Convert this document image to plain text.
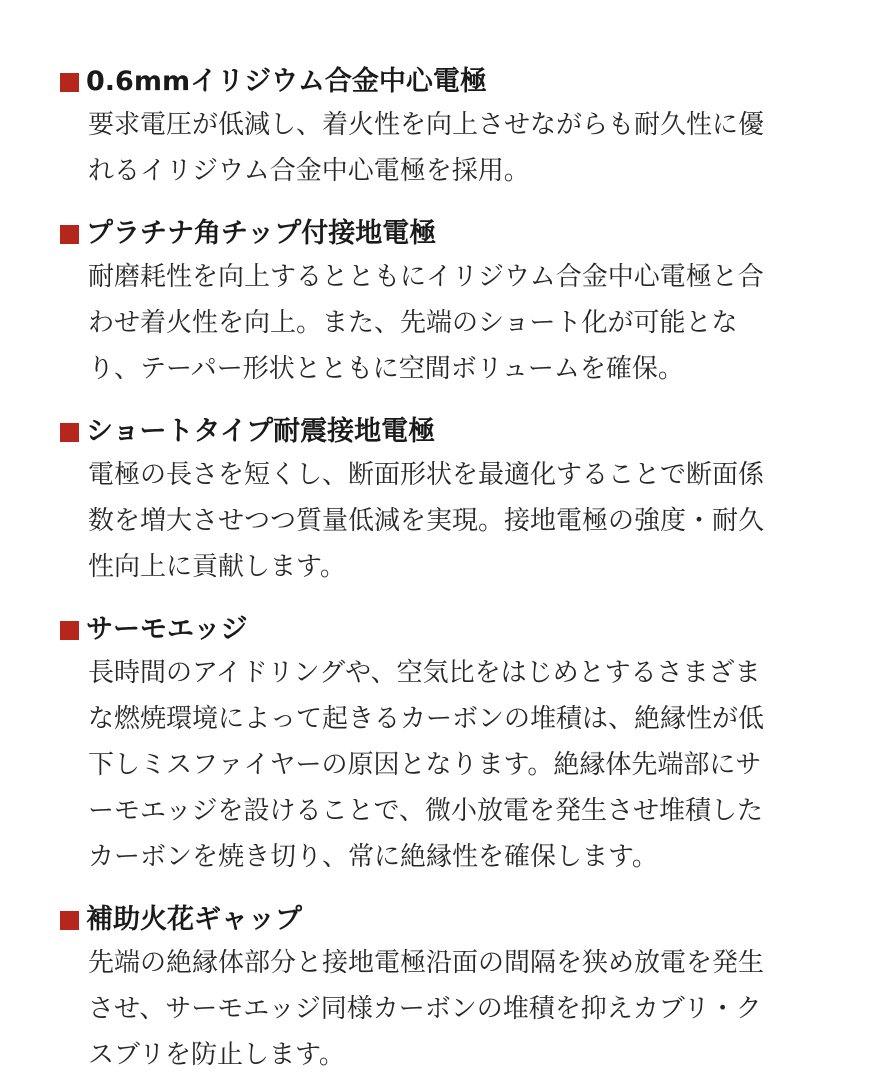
0.6mmイリジウム合金中心電極
要求電圧が低減し、着火性を向上させながらも耐久性に優
れるイリジウム合金中心電極を採用。
プラチナ角チップ付接地電極
耐磨耗性を向上するとともにイリジウム合金中心電極と合
わせ着火性を向上。また、先端のショート化が可能とな
り、テーパー形状とともに空間ボリュームを確保。
ショートタイプ耐震接地電極
電極の長さを短くし、断面形状を最適化することで断面係
数を増大させつつ質量低減を実現。接地電極の強度・耐久
性向上に貢献します。
サーモエッジ
長時間のアイドリングや、空気比をはじめとするさまざま
な燃焼環境によって起きるカーボンの堆積は、絶縁性が低
下しミスファイヤーの原因となります。絶縁体先端部にサ
ーモエッジを設けることで、微小放電を発生させ堆積した
カーボンを焼き切り、常に絶縁性を確保します。
補助火花ギャップ
先端の絶縁体部分と接地電極沿面の間隔を狭め放電を発生
させ、サーモエッジ同様カーボンの堆積を抑えカブリ・ク
スブリを防止します。
